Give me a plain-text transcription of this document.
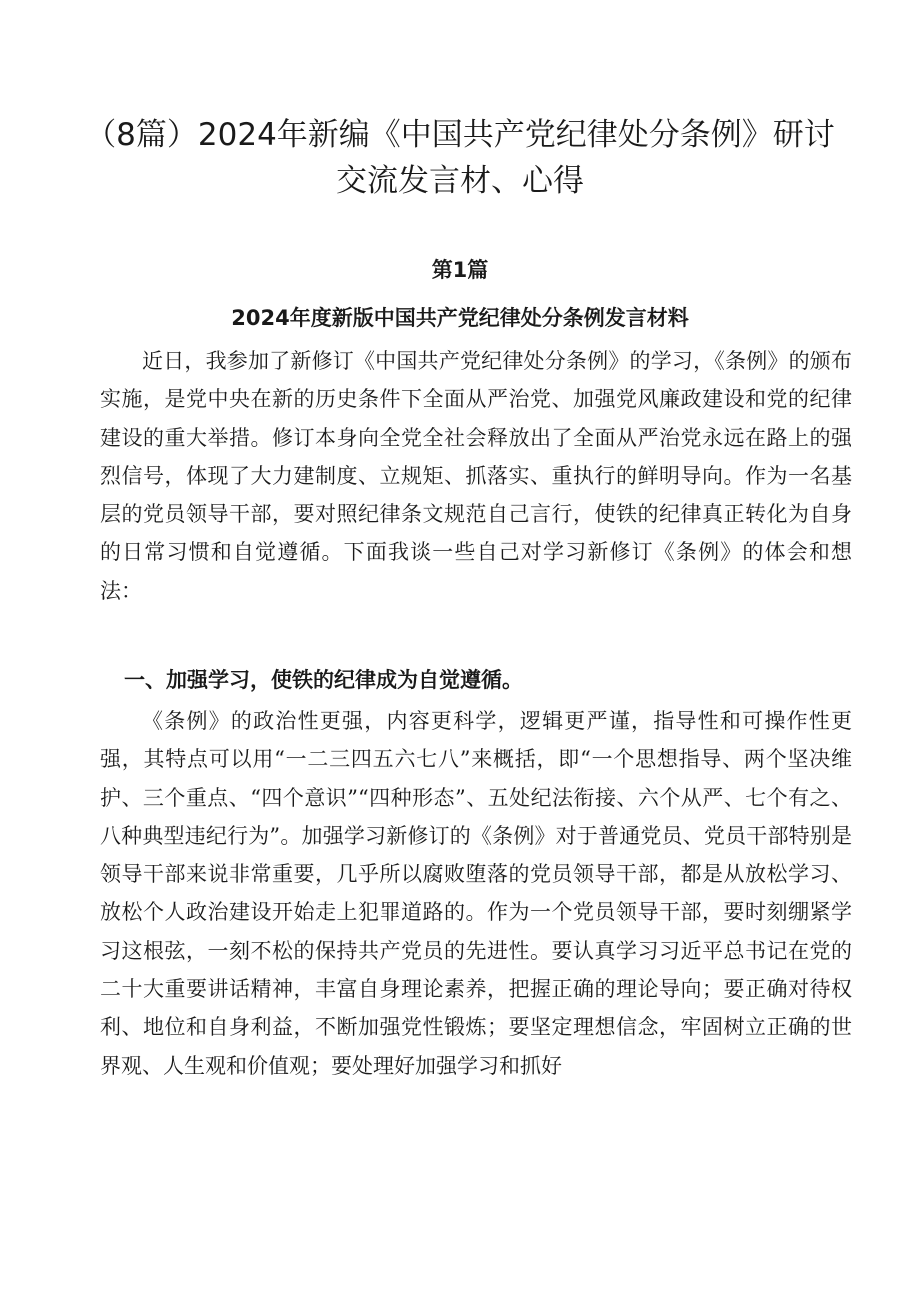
（8篇）2024年新编《中国共产党纪律处分条例》研讨交流发言材、心得
第1篇
2024年度新版中国共产党纪律处分条例发言材料

近日，我参加了新修订《中国共产党纪律处分条例》的学习，《条例》的颁布实施，是党中央在新的历史条件下全面从严治党、加强党风廉政建设和党的纪律建设的重大举措。修订本身向全党全社会释放出了全面从严治党永远在路上的强烈信号，体现了大力建制度、立规矩、抓落实、重执行的鲜明导向。作为一名基层的党员领导干部，要对照纪律条文规范自己言行，使铁的纪律真正转化为自身的日常习惯和自觉遵循。下面我谈一些自己对学习新修订《条例》的体会和想法：

一、加强学习，使铁的纪律成为自觉遵循。

《条例》的政治性更强，内容更科学，逻辑更严谨，指导性和可操作性更强，其特点可以用“一二三四五六七八”来概括，即“一个思想指导、两个坚决维护、三个重点、“四个意识”“四种形态”、五处纪法衔接、六个从严、七个有之、八种典型违纪行为”。加强学习新修订的《条例》对于普通党员、党员干部特别是领导干部来说非常重要，几乎所以腐败堕落的党员领导干部，都是从放松学习、放松个人政治建设开始走上犯罪道路的。作为一个党员领导干部，要时刻绷紧学习这根弦，一刻不松的保持共产党员的先进性。要认真学习习近平总书记在党的二十大重要讲话精神，丰富自身理论素养，把握正确的理论导向；要正确对待权利、地位和自身利益，不断加强党性锻炼；要坚定理想信念，牢固树立正确的世界观、人生观和价值观；要处理好加强学习和抓好
